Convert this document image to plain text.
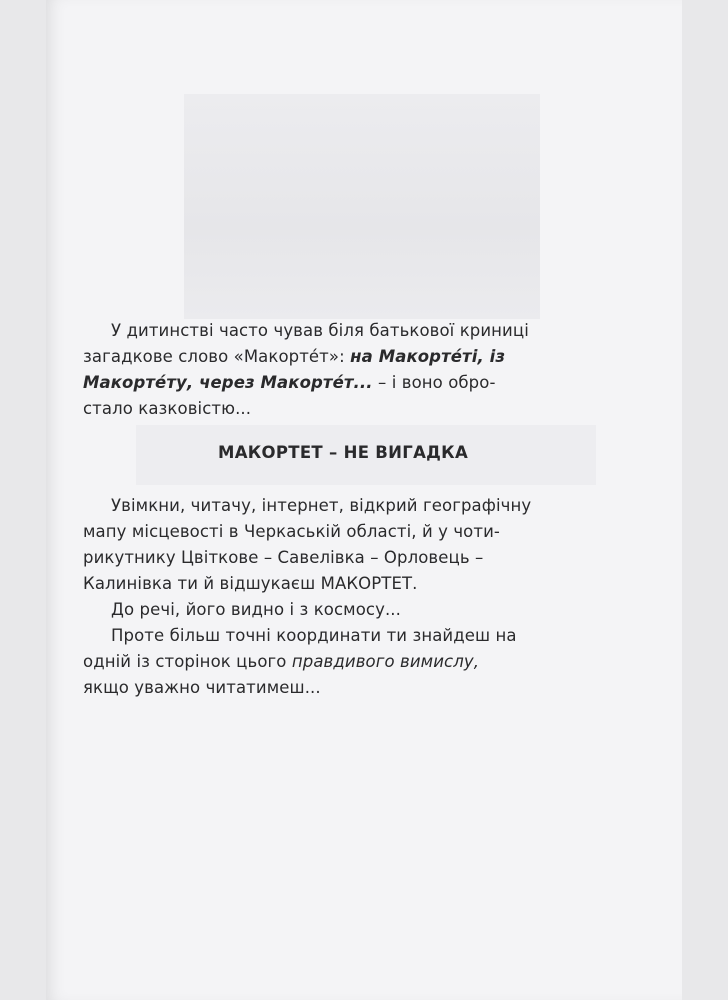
У дитинстві часто чував біля батькової криниці
загадкове слово «Макорте́т»: на Макорте́ті, із
Макорте́ту, через Макорте́т... – і воно обро-
стало казковістю...
МАКОРТЕТ – НЕ ВИГАДКА
Увімкни, читачу, інтернет, відкрий географічну
мапу місцевості в Черкаській області, й у чоти-
рикутнику Цвіткове – Савелівка – Орловець –
Калинівка ти й відшукаєш МАКОРТЕТ.
До речі, його видно і з космосу...
Проте більш точні координати ти знайдеш на
одній із сторінок цього правдивого вимислу,
якщо уважно читатимеш...
